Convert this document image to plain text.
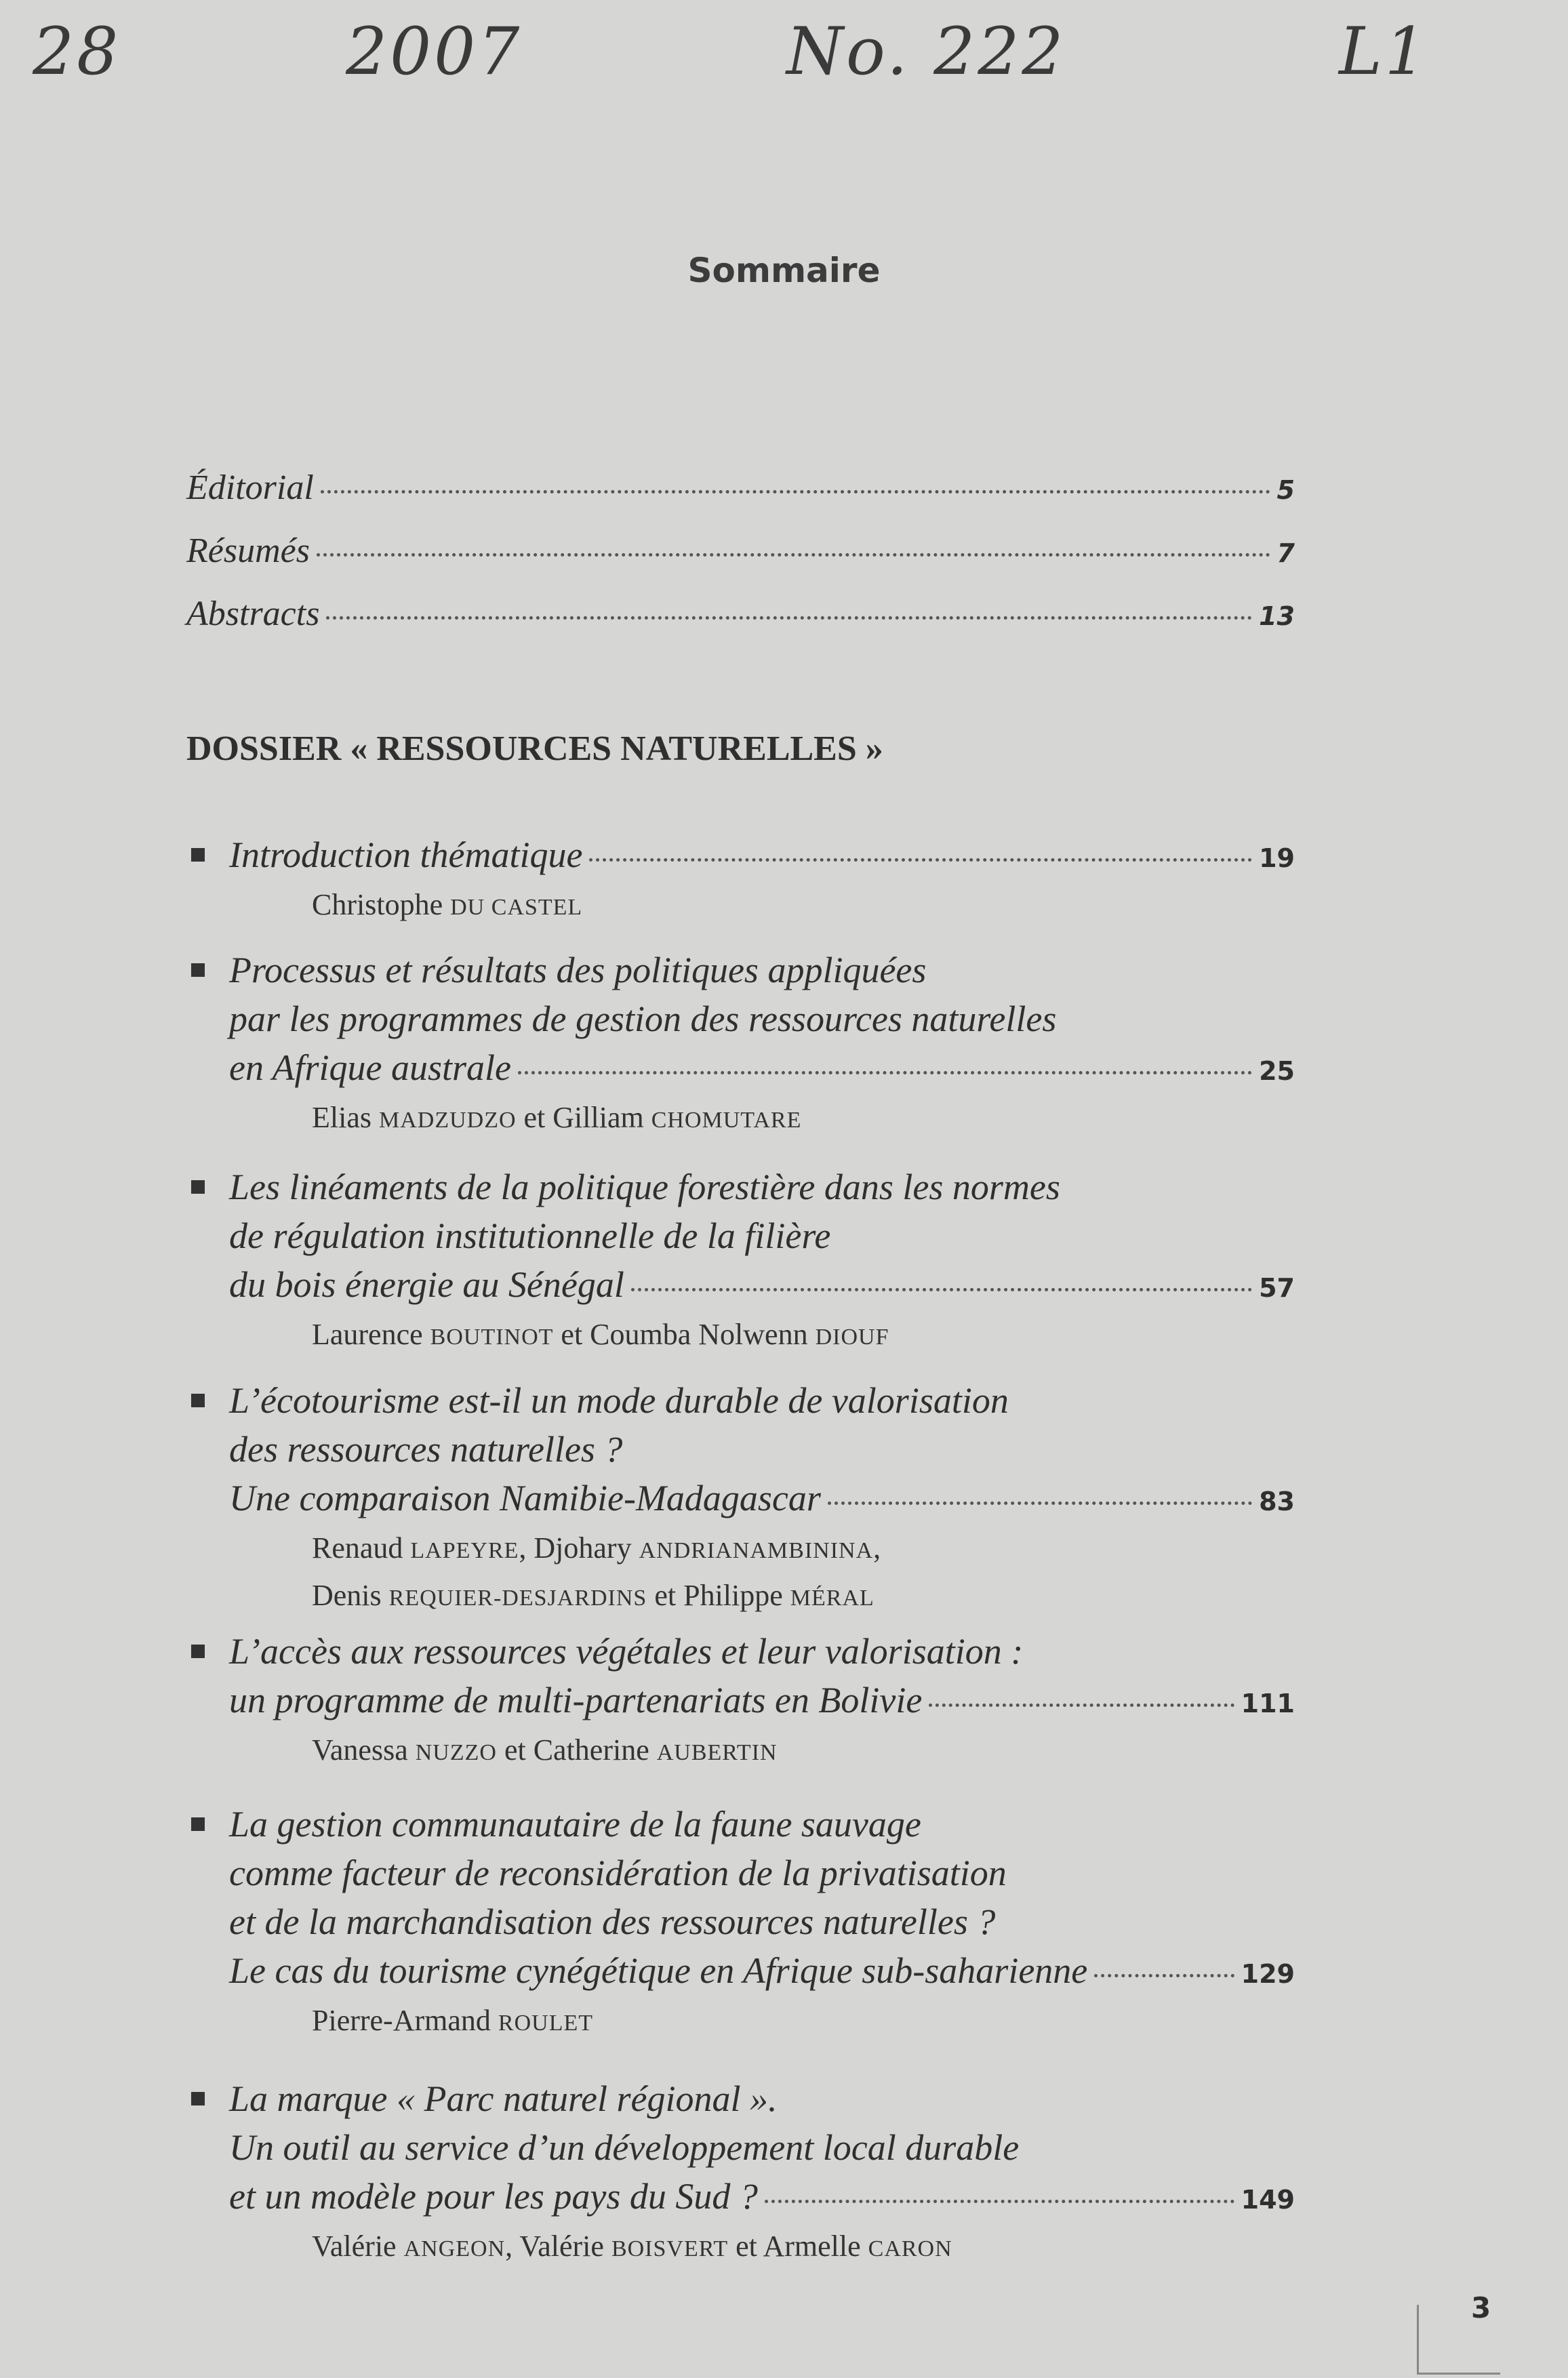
28	2007	No. 222	L1
Sommaire
Éditorial	5
Résumés	7
Abstracts	13
DOSSIER « RESSOURCES NATURELLES »
Introduction thématique	19
Christophe DU CASTEL
Processus et résultats des politiques appliquées
par les programmes de gestion des ressources naturelles
en Afrique australe	25
Elias MADZUDZO et Gilliam CHOMUTARE
Les linéaments de la politique forestière dans les normes
de régulation institutionnelle de la filière
du bois énergie au Sénégal	57
Laurence BOUTINOT et Coumba Nolwenn DIOUF
L’écotourisme est-il un mode durable de valorisation
des ressources naturelles ?
Une comparaison Namibie-Madagascar	83
Renaud LAPEYRE, Djohary ANDRIANAMBININA,
Denis REQUIER-DESJARDINS et Philippe MÉRAL
L’accès aux ressources végétales et leur valorisation :
un programme de multi-partenariats en Bolivie	111
Vanessa NUZZO et Catherine AUBERTIN
La gestion communautaire de la faune sauvage
comme facteur de reconsidération de la privatisation
et de la marchandisation des ressources naturelles ?
Le cas du tourisme cynégétique en Afrique sub-saharienne	129
Pierre-Armand ROULET
La marque « Parc naturel régional ».
Un outil au service d’un développement local durable
et un modèle pour les pays du Sud ?	149
Valérie ANGEON, Valérie BOISVERT et Armelle CARON
3
